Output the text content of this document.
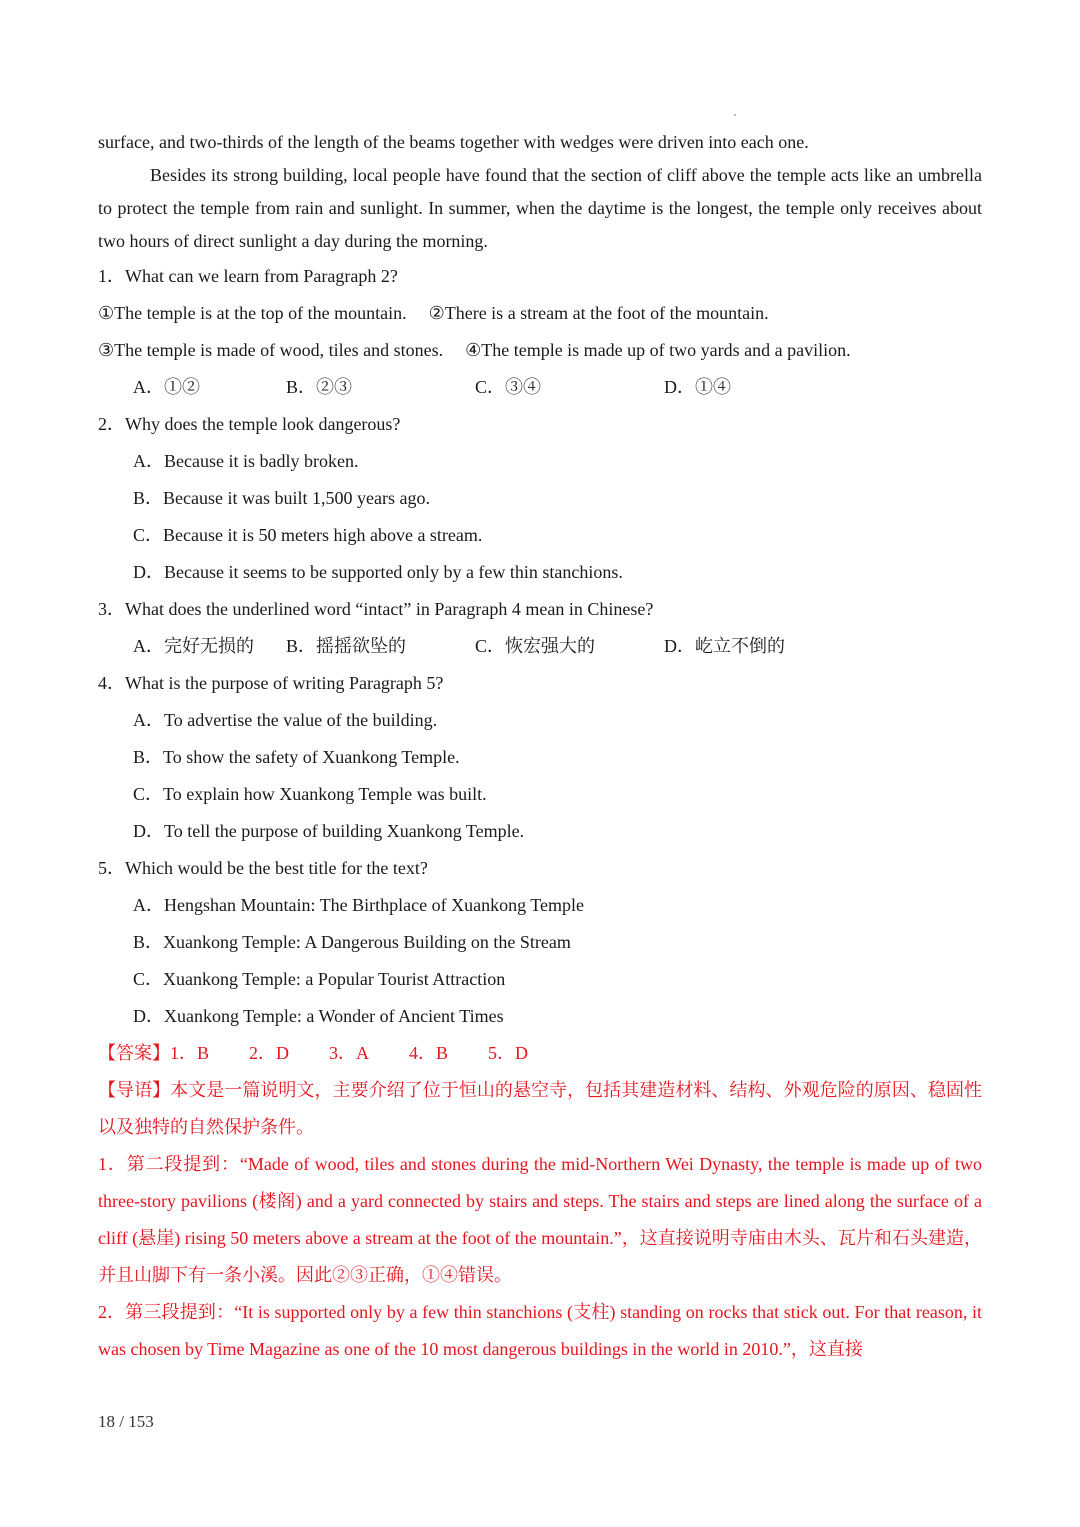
surface, and two-thirds of the length of the beams together with wedges were driven into each one.

Besides its strong building, local people have found that the section of cliff above the temple acts like an umbrella to protect the temple from rain and sunlight. In summer, when the daytime is the longest, the temple only receives about two hours of direct sunlight a day during the morning.

1．What can we learn from Paragraph 2?

①The temple is at the top of the mountain. ②There is a stream at the foot of the mountain.

③The temple is made of wood, tiles and stones. ④The temple is made up of two yards and a pavilion.

A．①②	B．②③	C．③④	D．①④

2．Why does the temple look dangerous?

A．Because it is badly broken.

B．Because it was built 1,500 years ago.

C．Because it is 50 meters high above a stream.

D．Because it seems to be supported only by a few thin stanchions.

3．What does the underlined word “intact” in Paragraph 4 mean in Chinese?

A．完好无损的 B．摇摇欲坠的	C．恢宏强大的	D．屹立不倒的

4．What is the purpose of writing Paragraph 5?

A．To advertise the value of the building.

B．To show the safety of Xuankong Temple.

C．To explain how Xuankong Temple was built.

D．To tell the purpose of building Xuankong Temple.

5．Which would be the best title for the text?

A．Hengshan Mountain: The Birthplace of Xuankong Temple

B．Xuankong Temple: A Dangerous Building on the Stream

C．Xuankong Temple: a Popular Tourist Attraction

D．Xuankong Temple: a Wonder of Ancient Times

【答案】1．B 2．D 3．A 4．B 5．D

【导语】本文是一篇说明文，主要介绍了位于恒山的悬空寺，包括其建造材料、结构、外观危险的原因、稳固性以及独特的自然保护条件。

1．第二段提到：“Made of wood, tiles and stones during the mid-Northern Wei Dynasty, the temple is made up of two three-story pavilions (楼阁) and a yard connected by stairs and steps. The stairs and steps are lined along the surface of a cliff (悬崖) rising 50 meters above a stream at the foot of the mountain.”，这直接说明寺庙由木头、瓦片和石头建造，并且山脚下有一条小溪。因此②③正确，①④错误。

2．第三段提到：“It is supported only by a few thin stanchions (支柱) standing on rocks that stick out. For that reason, it was chosen by Time Magazine as one of the 10 most dangerous buildings in the world in 2010.”，这直接

18 / 153
